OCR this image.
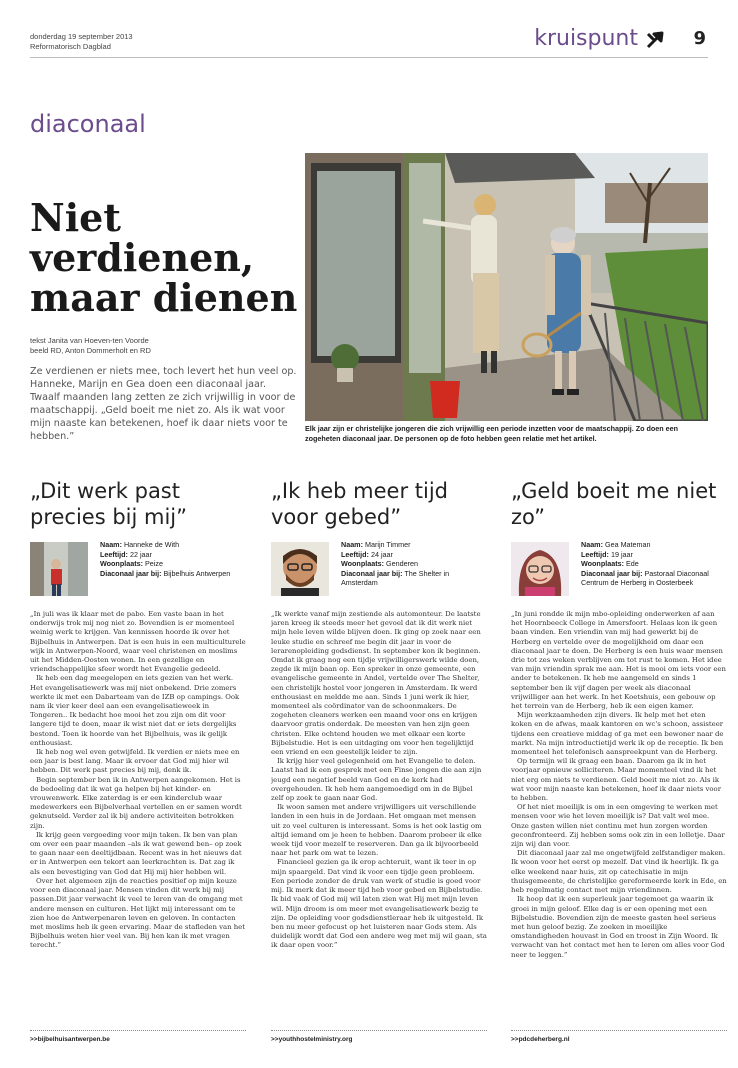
donderdag 19 september 2013
Reformatorisch Dagblad	kruispunt	9
diaconaal
Niet verdienen, maar dienen
tekst Janita van Hoeven-ten Voorde
beeld RD, Anton Dommerholt en RD

Ze verdienen er niets mee, toch levert het hun veel op. Hanneke, Marijn en Gea doen een diaconaal jaar. Twaalf maanden lang zetten ze zich vrijwillig in voor de maatschappij. „Geld boeit me niet zo. Als ik wat voor mijn naaste kan betekenen, hoef ik daar niets voor te hebben.”

Elk jaar zijn er christelijke jongeren die zich vrijwillig een periode inzetten voor de maatschappij. Zo doen een zogeheten diaconaal jaar. De personen op de foto hebben geen relatie met het artikel.

„Dit werk past precies bij mij”
Naam: Hanneke de With
Leeftijd: 22 jaar
Woonplaats: Peize
Diaconaal jaar bij: Bijbelhuis Antwerpen

„In juli was ik klaar met de pabo. Een vaste baan in het onderwijs trok mij nog niet zo. Bovendien is er momenteel weinig werk te krijgen. Van kennissen hoorde ik over het Bijbelhuis in Antwerpen. Dat is een huis in een multiculturele wijk in Antwerpen-Noord, waar veel christenen en moslims uit het Midden-Oosten wonen. In een gezellige en vriendschappelijke sfeer wordt het Evangelie gedeeld.

Ik heb een dag meegelopen en iets gezien van het werk. Het evangelisatiewerk was mij niet onbekend. Drie zomers werkte ik met een Dabarteam van de IZB op campings. Ook nam ik vier keer deel aan een evangelisatieweek in Tongeren.. Ik bedacht hoe mooi het zou zijn om dit voor langere tijd te doen, maar ik wist niet dat er iets dergelijks bestond. Toen ik hoorde van het Bijbelhuis, was ik gelijk enthousiast.

Ik heb nog wel even getwijfeld. Ik verdien er niets mee en een jaar is best lang. Maar ik ervoer dat God mij hier wil hebben. Dit werk past precies bij mij, denk ik.

Begin september ben ik in Antwerpen aangekomen. Het is de bedoeling dat ik wat ga helpen bij het kinder- en vrouwenwerk. Elke zaterdag is er een kinderclub waar medewerkers een Bijbelverhaal vertellen en er samen wordt geknutseld. Verder zal ik bij andere activiteiten betrokken zijn.

Ik krijg geen vergoeding voor mijn taken. Ik ben van plan om over een paar maanden –als ik wat gewend ben– op zoek te gaan naar een deeltijdbaan. Recent was in het nieuws dat er in Antwerpen een tekort aan leerkrachten is. Dat zag ik als een bevestiging van God dat Hij mij hier hebben wil.

Over het algemeen zijn de reacties positief op mijn keuze voor een diaconaal jaar. Mensen vinden dit werk bij mij passen.Dit jaar verwacht ik veel te leren van de omgang met andere mensen en culturen. Het lijkt mij interessant om te zien hoe de Antwerpenaren leven en geloven. In contacten met moslims heb ik geen ervaring. Maar de stafleden van het Bijbelhuis weten hier veel van. Bij hen kan ik met vragen terecht.”

>>bijbelhuisantwerpen.be
„Ik heb meer tijd voor gebed”
Naam: Marijn Timmer
Leeftijd: 24 jaar
Woonplaats: Genderen
Diaconaal jaar bij: The Shelter in Amsterdam

„Ik werkte vanaf mijn zestiende als automonteur. De laatste jaren kreeg ik steeds meer het gevoel dat ik dit werk niet mijn hele leven wilde blijven doen. Ik ging op zoek naar een leuke studie en schreef me begin dit jaar in voor de lerarenopleiding godsdienst. In september kon ik beginnen. Omdat ik graag nog een tijdje vrijwilligerswerk wilde doen, zegde ik mijn baan op. Een spreker in onze gemeente, een evangelische gemeente in Andel, vertelde over The Shelter, een christelijk hostel voor jongeren in Amsterdam. Ik werd enthousiast en meldde me aan. Sinds 1 juni werk ik hier, momenteel als coördinator van de schoonmakers. De zogeheten cleaners werken een maand voor ons en krijgen daarvoor gratis onderdak. De meesten van hen zijn geen christen. Elke ochtend houden we met elkaar een korte Bijbelstudie. Het is een uitdaging om voor hen tegelijktijd een vriend en een geestelijk leider te zijn.

Ik krijg hier veel gelegenheid om het Evangelie te delen. Laatst had ik een gesprek met een Finse jongen die aan zijn jeugd een negatief beeld van God en de kerk had overgehouden. Ik heb hem aangemoedigd om in de Bijbel zelf op zoek te gaan naar God.

Ik woon samen met andere vrijwilligers uit verschillende landen in een huis in de Jordaan. Het omgaan met mensen uit zo veel culturen is interessant. Soms is het ook lastig om altijd iemand om je heen te hebben. Daarom probeer ik elke week tijd voor mezelf te reserveren. Dan ga ik bijvoorbeeld naar het park om wat te lezen.

Financieel gezien ga ik erop achteruit, want ik teer in op mijn spaargeld. Dat vind ik voor een tijdje geen probleem. Een periode zonder de druk van werk of studie is goed voor mij. Ik merk dat ik meer tijd heb voor gebed en Bijbelstudie. Ik bid vaak of God mij wil laten zien wat Hij met mijn leven wil. Mijn droom is om meer met evangelisatiewerk bezig te zijn. De opleiding voor godsdienstleraar heb ik uitgesteld. Ik ben nu meer gefocust op het luisteren naar Gods stem. Als duidelijk wordt dat God een andere weg met mij wil gaan, sta ik daar open voor.”

>>youthhostelministry.org
„Geld boeit me niet zo”
Naam: Gea Mateman
Leeftijd: 19 jaar
Woonplaats: Ede
Diaconaal jaar bij: Pastoraal Diaconaal Centrum de Herberg in Oosterbeek

„In juni rondde ik mijn mbo-opleiding onderwerken af aan het Hoornbeeck College in Amersfoort. Helaas kon ik geen baan vinden. Een vriendin van mij had gewerkt bij de Herberg en vertelde over de mogelijkheid om daar een diaconaal jaar te doen. De Herberg is een huis waar mensen drie tot zes weken verblijven om tot rust te komen. Het idee van mijn vriendin sprak me aan. Het is mooi om iets voor een ander te betekenen. Ik heb me aangemeld en sinds 1 september ben ik vijf dagen per week als diaconaal vrijwilliger aan het werk. In het Koetshuis, een gebouw op het terrein van de Herberg, heb ik een eigen kamer.

Mijn werkzaamheden zijn divers. Ik help met het eten koken en de afwas, maak kantoren en wc's schoon, assisteer tijdens een creatieve middag of ga met een bewoner naar de markt. Na mijn introductietijd werk ik op de receptie. Ik ben momenteel het telefonisch aanspreekpunt van de Herberg.

Op termijn wil ik graag een baan. Daarom ga ik in het voorjaar opnieuw solliciteren. Maar momenteel vind ik het niet erg om niets te verdienen. Geld boeit me niet zo. Als ik wat voor mijn naaste kan betekenen, hoef ik daar niets voor te hebben.

Of het niet moeilijk is om in een omgeving te werken met mensen voor wie het leven moeilijk is? Dat valt wel mee. Onze gasten willen niet continu met hun zorgen worden geconfronteerd. Zij hebben soms ook zin in een lolletje. Daar zijn wij dan voor.

Dit diaconaal jaar zal me ongetwijfeld zelfstandiger maken. Ik woon voor het eerst op mezelf. Dat vind ik heerlijk. Ik ga elke weekend naar huis, zit op catechisatie in mijn thuisgemeente, de christelijke gereformeerde kerk in Ede, en heb regelmatig contact met mijn vriendinnen.

Ik hoop dat ik een superleuk jaar tegemoet ga waarin ik groei in mijn geloof. Elke dag is er een opening met een Bijbelstudie. Bovendien zijn de meeste gasten heel serieus met hun geloof bezig. Ze zoeken in moeilijke omstandigheden houvast in God en troost in Zijn Woord. Ik verwacht van het contact met hen te leren om alles voor God neer te leggen.”

>>pdcdeherberg.nl
